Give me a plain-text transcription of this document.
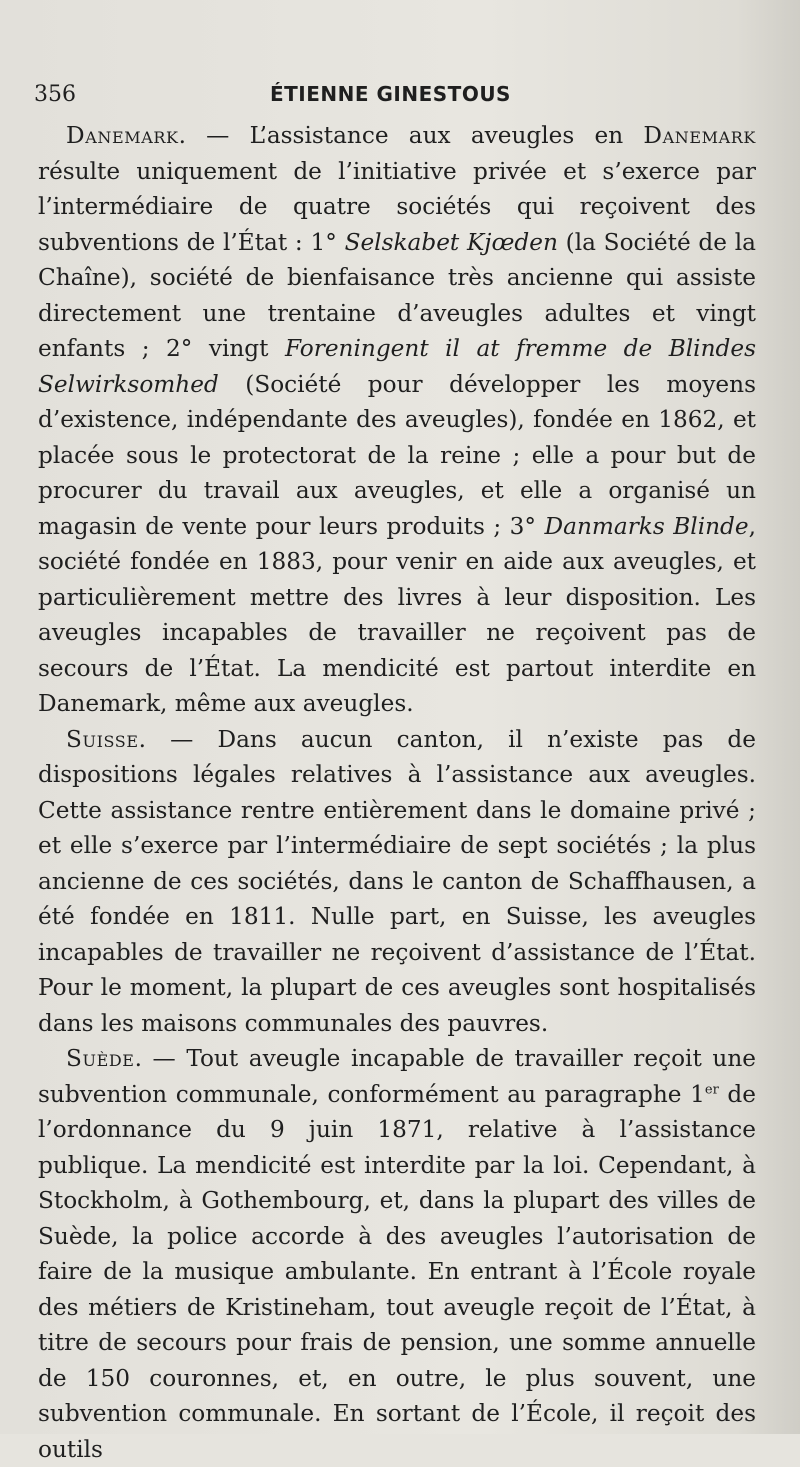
356	ÉTIENNE GINESTOUS

Danemark. — L’assistance aux aveugles en Danemark résulte uniquement de l’initiative privée et s’exerce par l’intermédiaire de quatre sociétés qui reçoivent des subventions de l’État : 1° Selskabet Kjœden (la Société de la Chaîne), société de bienfaisance très ancienne qui assiste directement une trentaine d’aveugles adultes et vingt enfants ; 2° vingt Foreningent il at fremme de Blindes Selwirksomhed (Société pour développer les moyens d’existence, indépendante des aveugles), fondée en 1862, et placée sous le protectorat de la reine ; elle a pour but de procurer du travail aux aveugles, et elle a organisé un magasin de vente pour leurs produits ; 3° Danmarks Blinde, société fondée en 1883, pour venir en aide aux aveugles, et particulièrement mettre des livres à leur disposition. Les aveugles incapables de travailler ne reçoivent pas de secours de l’État. La mendicité est partout interdite en Danemark, même aux aveugles.

Suisse. — Dans aucun canton, il n’existe pas de dispositions légales relatives à l’assistance aux aveugles. Cette assistance rentre entièrement dans le domaine privé ; et elle s’exerce par l’intermédiaire de sept sociétés ; la plus ancienne de ces sociétés, dans le canton de Schaffhausen, a été fondée en 1811. Nulle part, en Suisse, les aveugles incapables de travailler ne reçoivent d’assistance de l’État. Pour le moment, la plupart de ces aveugles sont hospitalisés dans les maisons communales des pauvres.

Suède. — Tout aveugle incapable de travailler reçoit une subvention communale, conformément au paragraphe 1er de l’ordonnance du 9 juin 1871, relative à l’assistance publique. La mendicité est interdite par la loi. Cependant, à Stockholm, à Gothembourg, et, dans la plupart des villes de Suède, la police accorde à des aveugles l’autorisation de faire de la musique ambulante. En entrant à l’École royale des métiers de Kristineham, tout aveugle reçoit de l’État, à titre de secours pour frais de pension, une somme annuelle de 150 couronnes, et, en outre, le plus souvent, une subvention communale. En sortant de l’École, il reçoit des outils
